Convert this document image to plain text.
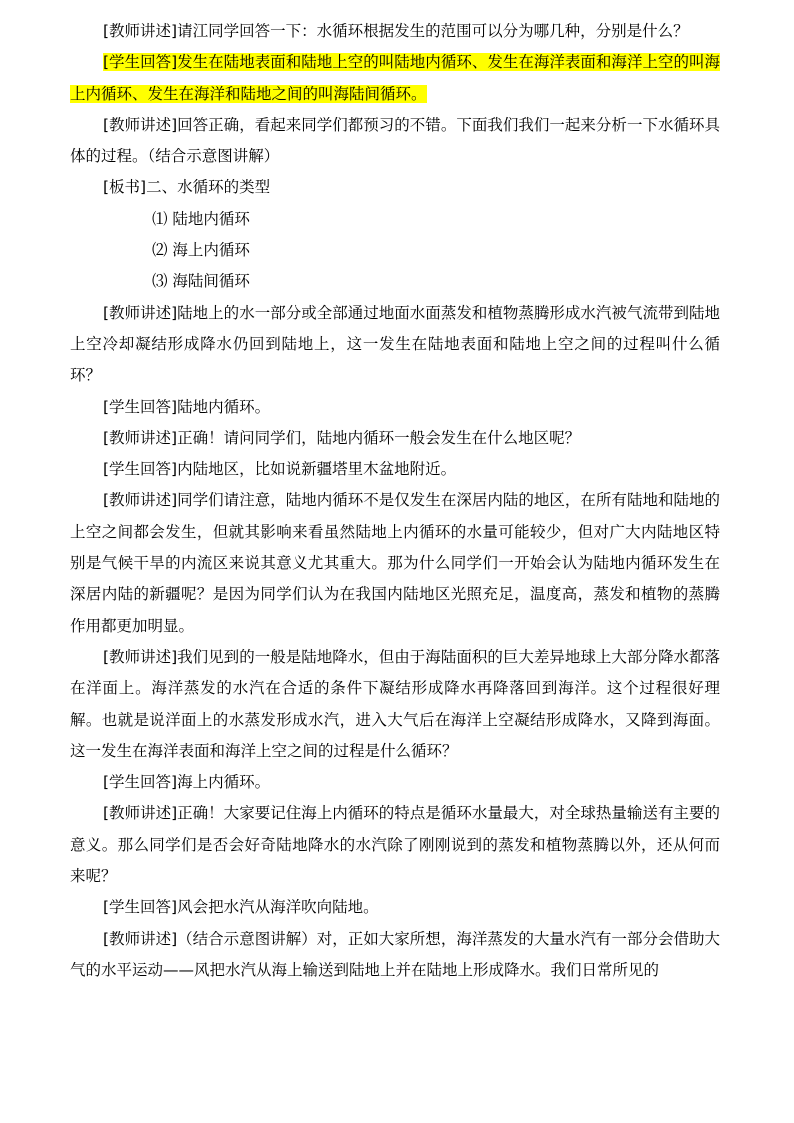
[教师讲述]请江同学回答一下：水循环根据发生的范围可以分为哪几种，分别是什么？

[学生回答]发生在陆地表面和陆地上空的叫陆地内循环、发生在海洋表面和海洋上空的叫海上内循环、发生在海洋和陆地之间的叫海陆间循环。

[教师讲述]回答正确，看起来同学们都预习的不错。下面我们我们一起来分析一下水循环具体的过程。（结合示意图讲解）

[板书]二、水循环的类型

⑴ 陆地内循环

⑵ 海上内循环

⑶ 海陆间循环

[教师讲述]陆地上的水一部分或全部通过地面水面蒸发和植物蒸腾形成水汽被气流带到陆地上空冷却凝结形成降水仍回到陆地上，这一发生在陆地表面和陆地上空之间的过程叫什么循环？

[学生回答]陆地内循环。

[教师讲述]正确！请问同学们，陆地内循环一般会发生在什么地区呢？

[学生回答]内陆地区，比如说新疆塔里木盆地附近。

[教师讲述]同学们请注意，陆地内循环不是仅发生在深居内陆的地区，在所有陆地和陆地的上空之间都会发生，但就其影响来看虽然陆地上内循环的水量可能较少，但对广大内陆地区特别是气候干旱的内流区来说其意义尤其重大。那为什么同学们一开始会认为陆地内循环发生在深居内陆的新疆呢？是因为同学们认为在我国内陆地区光照充足，温度高，蒸发和植物的蒸腾作用都更加明显。

[教师讲述]我们见到的一般是陆地降水，但由于海陆面积的巨大差异地球上大部分降水都落在洋面上。海洋蒸发的水汽在合适的条件下凝结形成降水再降落回到海洋。这个过程很好理解。也就是说洋面上的水蒸发形成水汽，进入大气后在海洋上空凝结形成降水，又降到海面。这一发生在海洋表面和海洋上空之间的过程是什么循环？

[学生回答]海上内循环。

[教师讲述]正确！大家要记住海上内循环的特点是循环水量最大，对全球热量输送有主要的意义。那么同学们是否会好奇陆地降水的水汽除了刚刚说到的蒸发和植物蒸腾以外，还从何而来呢？

[学生回答]风会把水汽从海洋吹向陆地。

[教师讲述]（结合示意图讲解）对，正如大家所想，海洋蒸发的大量水汽有一部分会借助大气的水平运动——风把水汽从海上输送到陆地上并在陆地上形成降水。我们日常所见的
